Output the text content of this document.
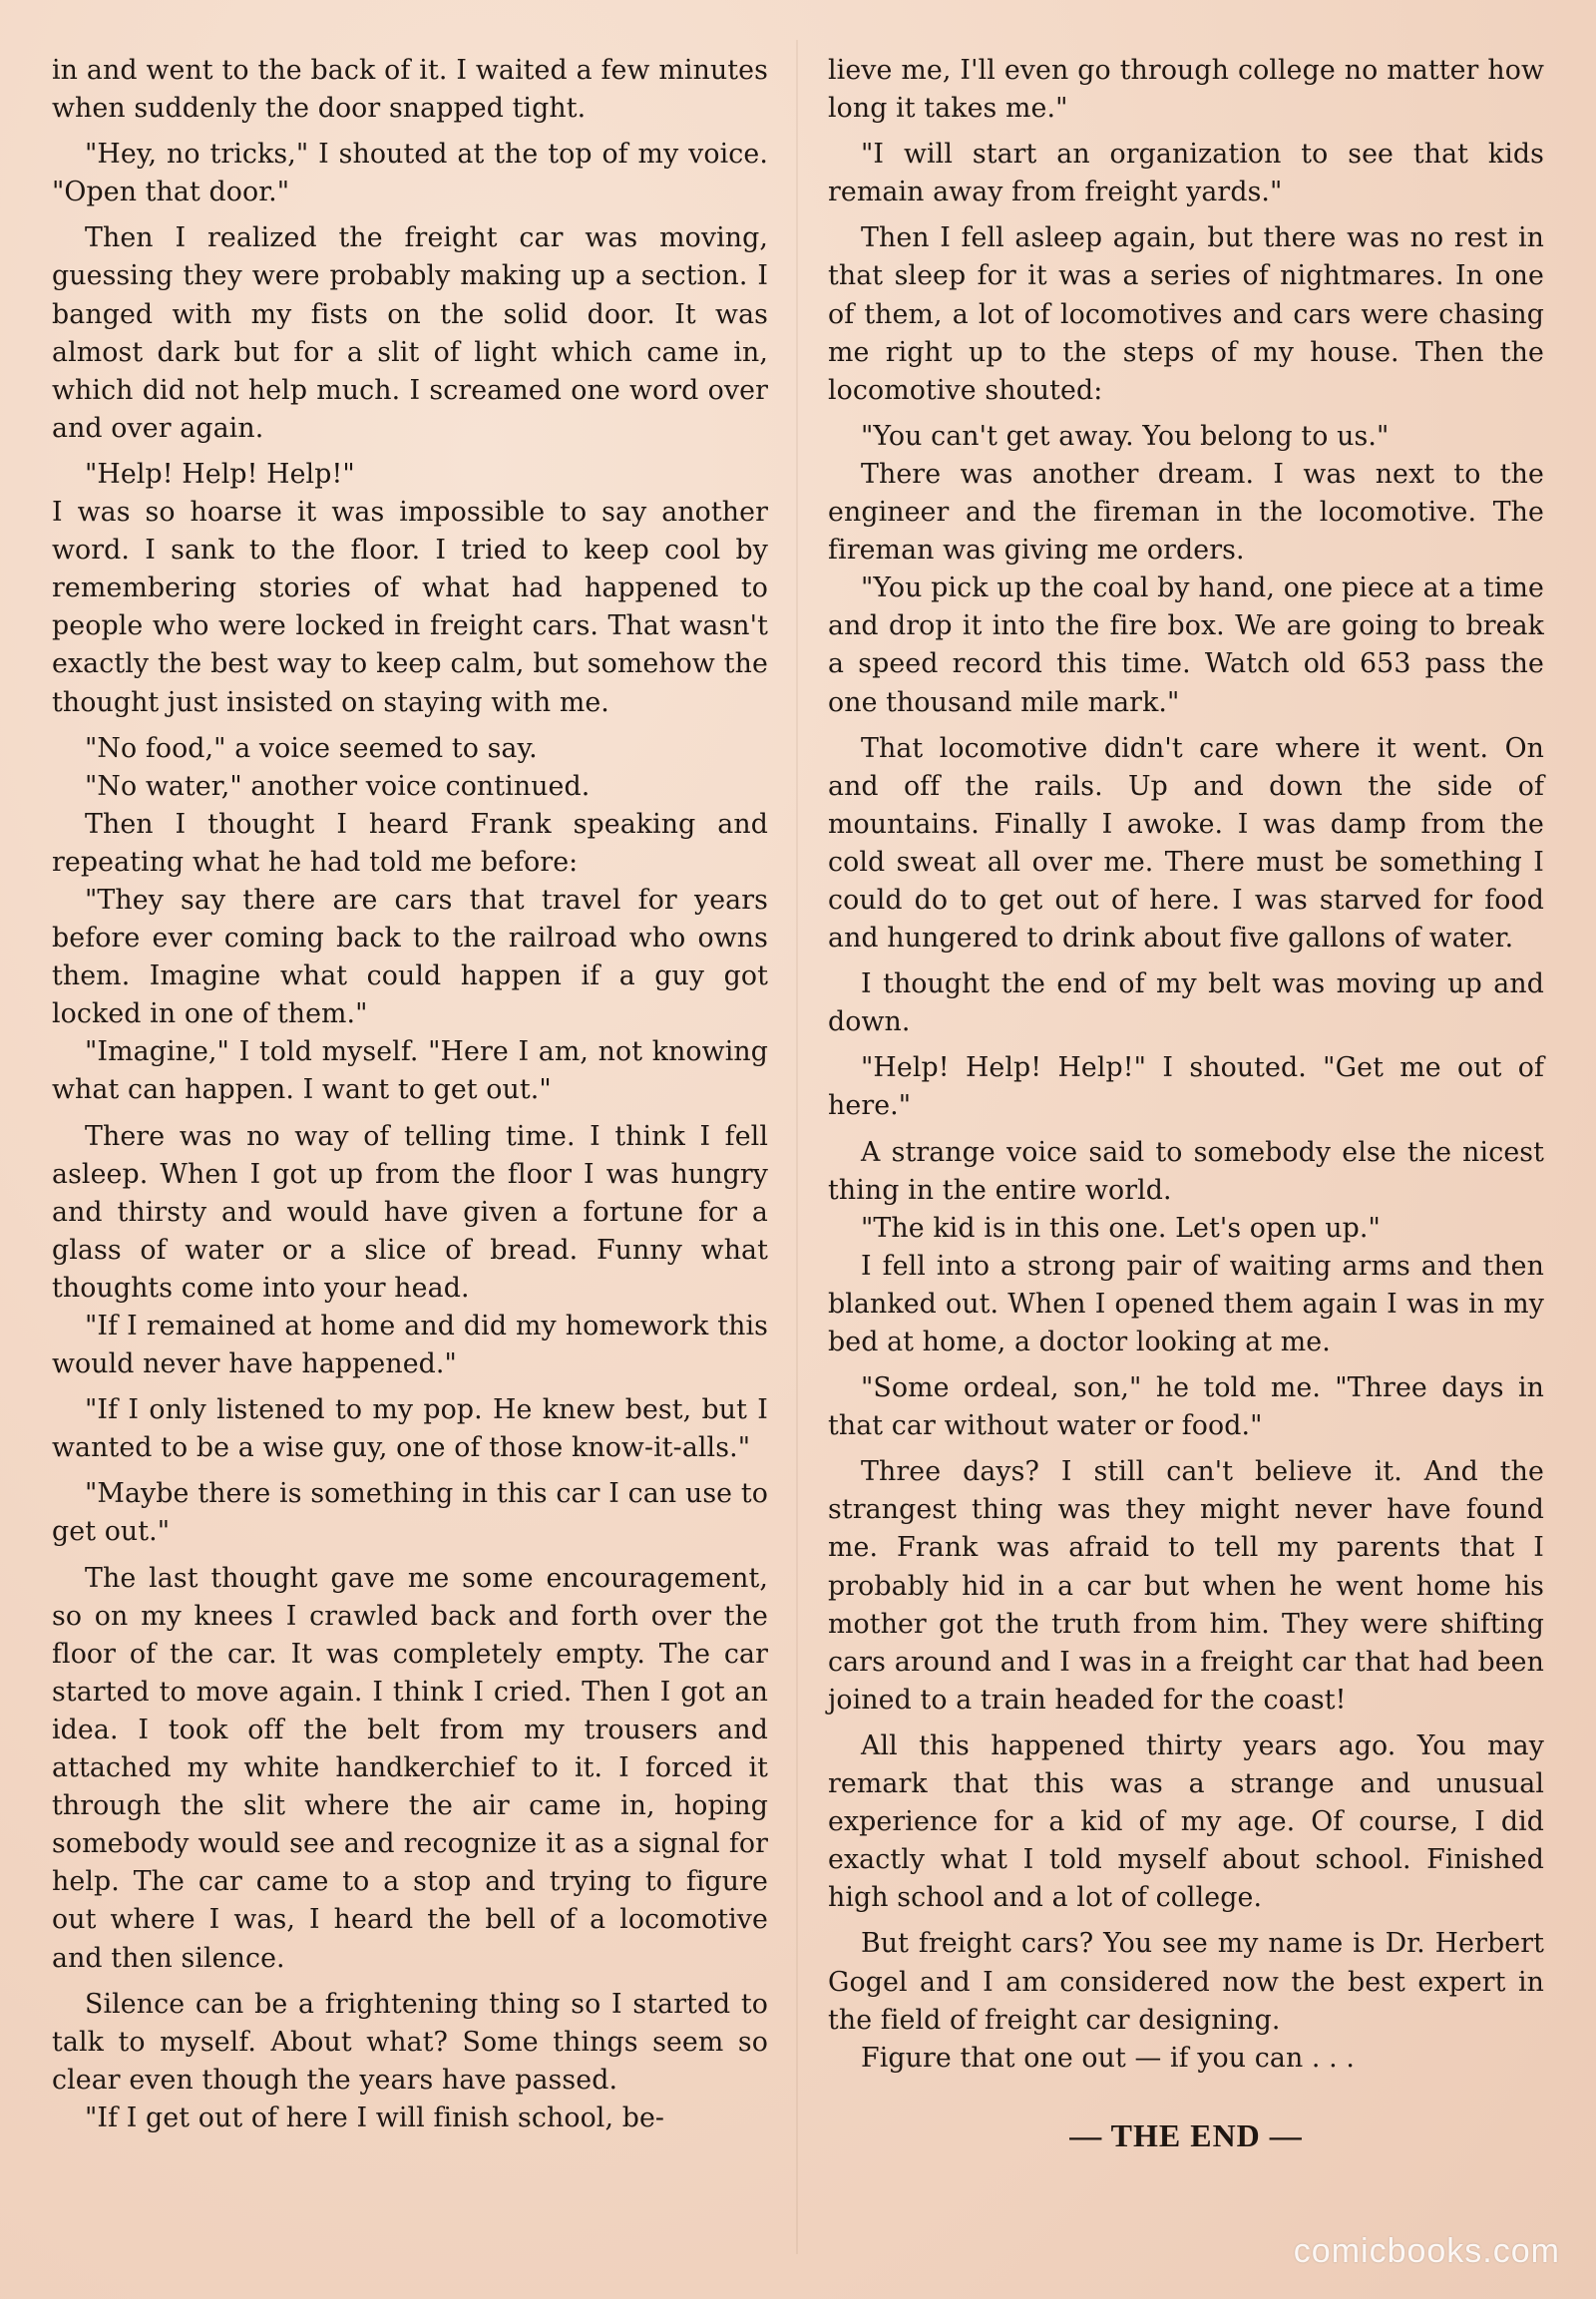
in and went to the back of it. I waited a few minutes when suddenly the door snapped tight.

"Hey, no tricks," I shouted at the top of my voice. "Open that door."

Then I realized the freight car was moving, guessing they were probably making up a section. I banged with my fists on the solid door. It was almost dark but for a slit of light which came in, which did not help much. I screamed one word over and over again.

"Help! Help! Help!"

I was so hoarse it was impossible to say another word. I sank to the floor. I tried to keep cool by remembering stories of what had happened to people who were locked in freight cars. That wasn't exactly the best way to keep calm, but somehow the thought just insisted on staying with me.

"No food," a voice seemed to say.

"No water," another voice continued.

Then I thought I heard Frank speaking and repeating what he had told me before:

"They say there are cars that travel for years before ever coming back to the railroad who owns them. Imagine what could happen if a guy got locked in one of them."

"Imagine," I told myself. "Here I am, not knowing what can happen. I want to get out."

There was no way of telling time. I think I fell asleep. When I got up from the floor I was hungry and thirsty and would have given a fortune for a glass of water or a slice of bread. Funny what thoughts come into your head.

"If I remained at home and did my homework this would never have happened."

"If I only listened to my pop. He knew best, but I wanted to be a wise guy, one of those know-it-alls."

"Maybe there is something in this car I can use to get out."

The last thought gave me some encouragement, so on my knees I crawled back and forth over the floor of the car. It was completely empty. The car started to move again. I think I cried. Then I got an idea. I took off the belt from my trousers and attached my white handkerchief to it. I forced it through the slit where the air came in, hoping somebody would see and recognize it as a signal for help. The car came to a stop and trying to figure out where I was, I heard the bell of a locomotive and then silence.

Silence can be a frightening thing so I started to talk to myself. About what? Some things seem so clear even though the years have passed.

"If I get out of here I will finish school, be-

lieve me, I'll even go through college no matter how long it takes me."

"I will start an organization to see that kids remain away from freight yards."

Then I fell asleep again, but there was no rest in that sleep for it was a series of nightmares. In one of them, a lot of locomotives and cars were chasing me right up to the steps of my house. Then the locomotive shouted:

"You can't get away. You belong to us."

There was another dream. I was next to the engineer and the fireman in the locomotive. The fireman was giving me orders.

"You pick up the coal by hand, one piece at a time and drop it into the fire box. We are going to break a speed record this time. Watch old 653 pass the one thousand mile mark."

That locomotive didn't care where it went. On and off the rails. Up and down the side of mountains. Finally I awoke. I was damp from the cold sweat all over me. There must be something I could do to get out of here. I was starved for food and hungered to drink about five gallons of water.

I thought the end of my belt was moving up and down.

"Help! Help! Help!" I shouted. "Get me out of here."

A strange voice said to somebody else the nicest thing in the entire world.

"The kid is in this one. Let's open up."

I fell into a strong pair of waiting arms and then blanked out. When I opened them again I was in my bed at home, a doctor looking at me.

"Some ordeal, son," he told me. "Three days in that car without water or food."

Three days? I still can't believe it. And the strangest thing was they might never have found me. Frank was afraid to tell my parents that I probably hid in a car but when he went home his mother got the truth from him. They were shifting cars around and I was in a freight car that had been joined to a train headed for the coast!

All this happened thirty years ago. You may remark that this was a strange and unusual experience for a kid of my age. Of course, I did exactly what I told myself about school. Finished high school and a lot of college.

But freight cars? You see my name is Dr. Herbert Gogel and I am considered now the best expert in the field of freight car designing.

Figure that one out — if you can . . .

— THE END —
comicbooks.com
